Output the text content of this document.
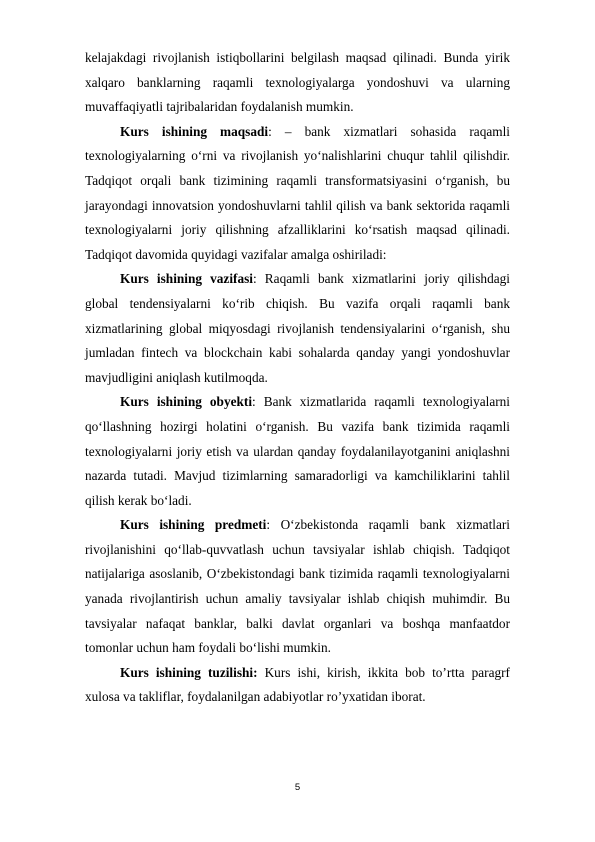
kelajakdagi rivojlanish istiqbollarini belgilash maqsad qilinadi. Bunda yirik xalqaro banklarning raqamli texnologiyalarga yondoshuvi va ularning muvaffaqiyatli tajribalaridan foydalanish mumkin.

Kurs ishining maqsadi: – bank xizmatlari sohasida raqamli texnologiyalarning o‘rni va rivojlanish yo‘nalishlarini chuqur tahlil qilishdir. Tadqiqot orqali bank tizimining raqamli transformatsiyasini o‘rganish, bu jarayondagi innovatsion yondoshuvlarni tahlil qilish va bank sektorida raqamli texnologiyalarni joriy qilishning afzalliklarini ko‘rsatish maqsad qilinadi. Tadqiqot davomida quyidagi vazifalar amalga oshiriladi:

Kurs ishining vazifasi: Raqamli bank xizmatlarini joriy qilishdagi global tendensiyalarni ko‘rib chiqish. Bu vazifa orqali raqamli bank xizmatlarining global miqyosdagi rivojlanish tendensiyalarini o‘rganish, shu jumladan fintech va blockchain kabi sohalarda qanday yangi yondoshuvlar mavjudligini aniqlash kutilmoqda.

Kurs ishining obyekti: Bank xizmatlarida raqamli texnologiyalarni qo‘llashning hozirgi holatini o‘rganish. Bu vazifa bank tizimida raqamli texnologiyalarni joriy etish va ulardan qanday foydalanilayotganini aniqlashni nazarda tutadi. Mavjud tizimlarning samaradorligi va kamchiliklarini tahlil qilish kerak bo‘ladi.

Kurs ishining predmeti: O‘zbekistonda raqamli bank xizmatlari rivojlanishini qo‘llab-quvvatlash uchun tavsiyalar ishlab chiqish. Tadqiqot natijalariga asoslanib, O‘zbekistondagi bank tizimida raqamli texnologiyalarni yanada rivojlantirish uchun amaliy tavsiyalar ishlab chiqish muhimdir. Bu tavsiyalar nafaqat banklar, balki davlat organlari va boshqa manfaatdor tomonlar uchun ham foydali bo‘lishi mumkin.

Kurs ishining tuzilishi: Kurs ishi, kirish, ikkita bob to’rtta paragrf xulosa va takliflar, foydalanilgan adabiyotlar ro’yxatidan iborat.

5
